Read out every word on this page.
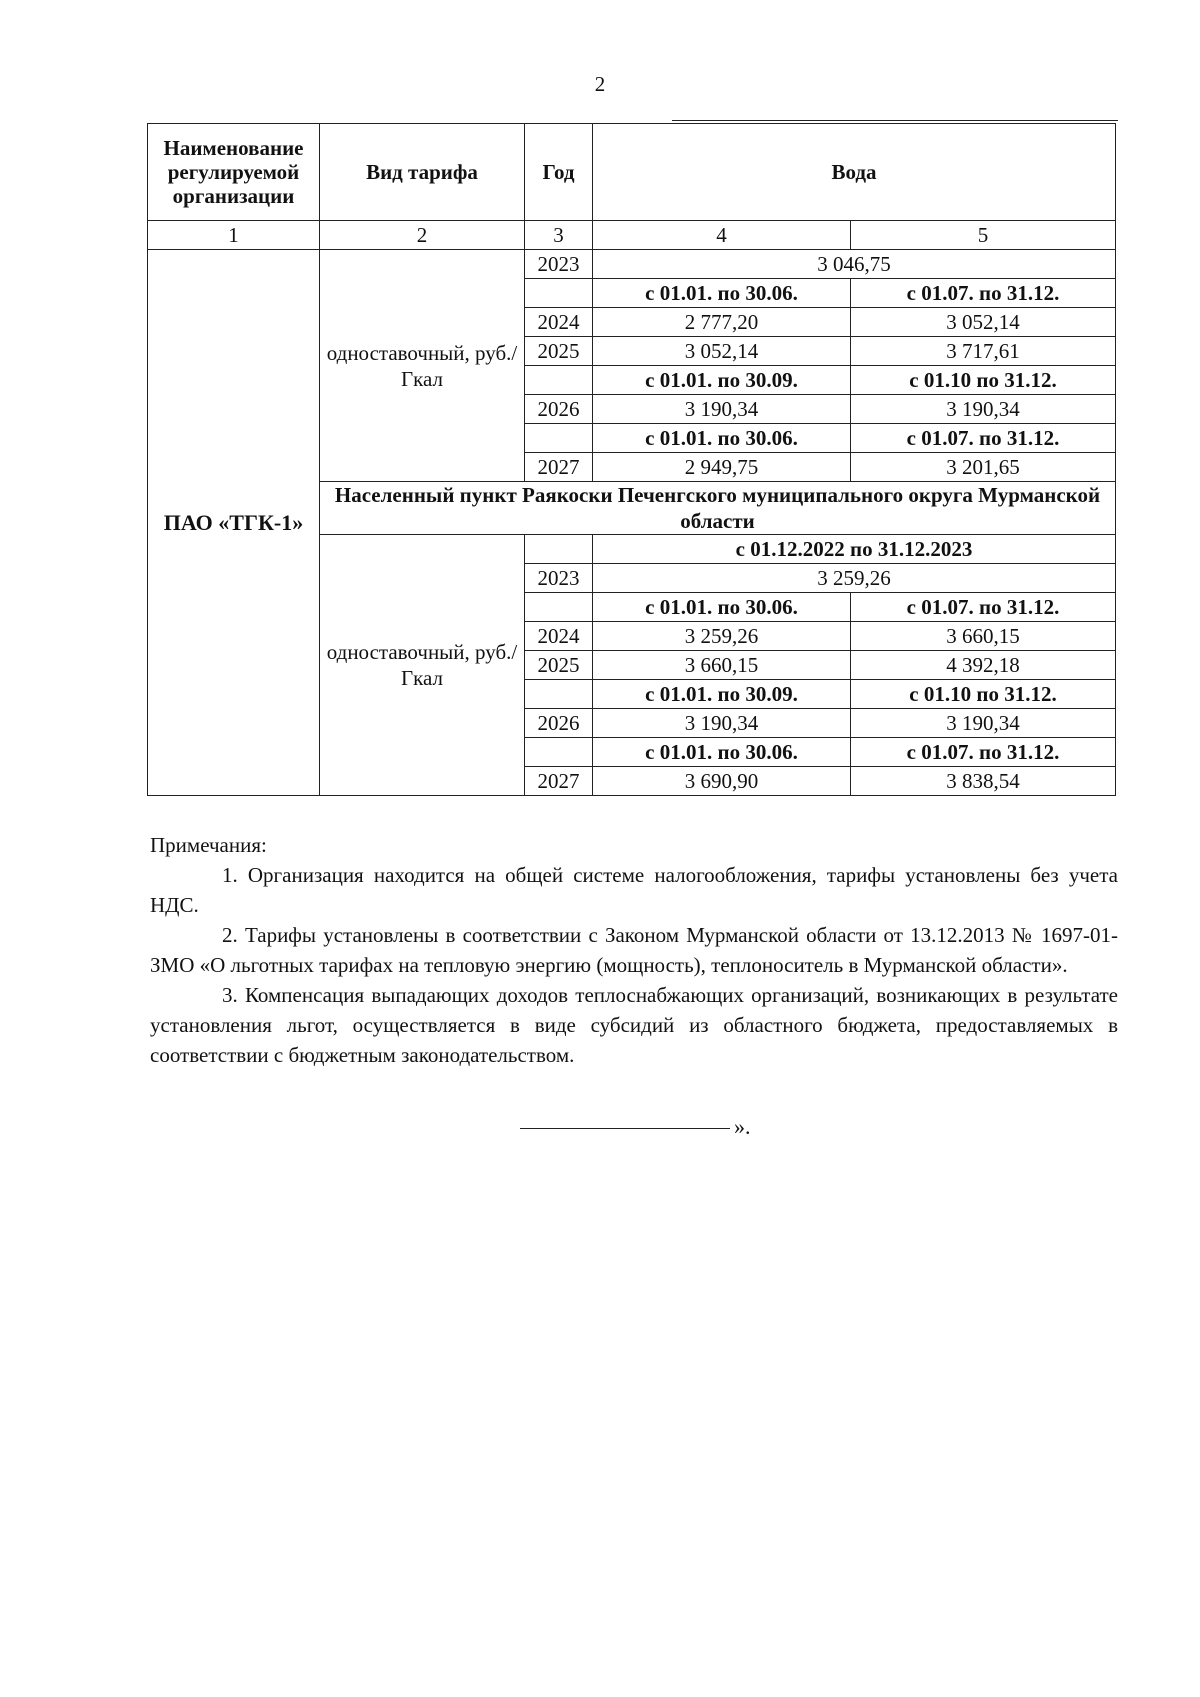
2
Наименование регулируемой организации	Вид тарифа	Год	Вода	
1	2	3	4	5
ПАО «ТГК-1»	одноставочный, руб./Гкал	2023	3 046,75	
			с 01.01. по 30.06.	с 01.07. по 31.12.
		2024	2 777,20	3 052,14
		2025	3 052,14	3 717,61
			с 01.01. по 30.09.	с 01.10 по 31.12.
		2026	3 190,34	3 190,34
			с 01.01. по 30.06.	с 01.07. по 31.12.
		2027	2 949,75	3 201,65
	Населенный пункт Раякоски Печенгского муниципального округа Мурманской области			
	одноставочный, руб./Гкал		с 01.12.2022 по 31.12.2023	
		2023	3 259,26	
			с 01.01. по 30.06.	с 01.07. по 31.12.
		2024	3 259,26	3 660,15
		2025	3 660,15	4 392,18
			с 01.01. по 30.09.	с 01.10 по 31.12.
		2026	3 190,34	3 190,34
			с 01.01. по 30.06.	с 01.07. по 31.12.
		2027	3 690,90	3 838,54

Примечания:

1. Организация находится на общей системе налогообложения, тарифы установлены без учета НДС.

2. Тарифы установлены в соответствии с Законом Мурманской области от 13.12.2013 № 1697-01-ЗМО «О льготных тарифах на тепловую энергию (мощность), теплоноситель в Мурманской области».

3. Компенсация выпадающих доходов теплоснабжающих организаций, возникающих в результате установления льгот, осуществляется в виде субсидий из областного бюджета, предоставляемых в соответствии с бюджетным законодательством.

».
